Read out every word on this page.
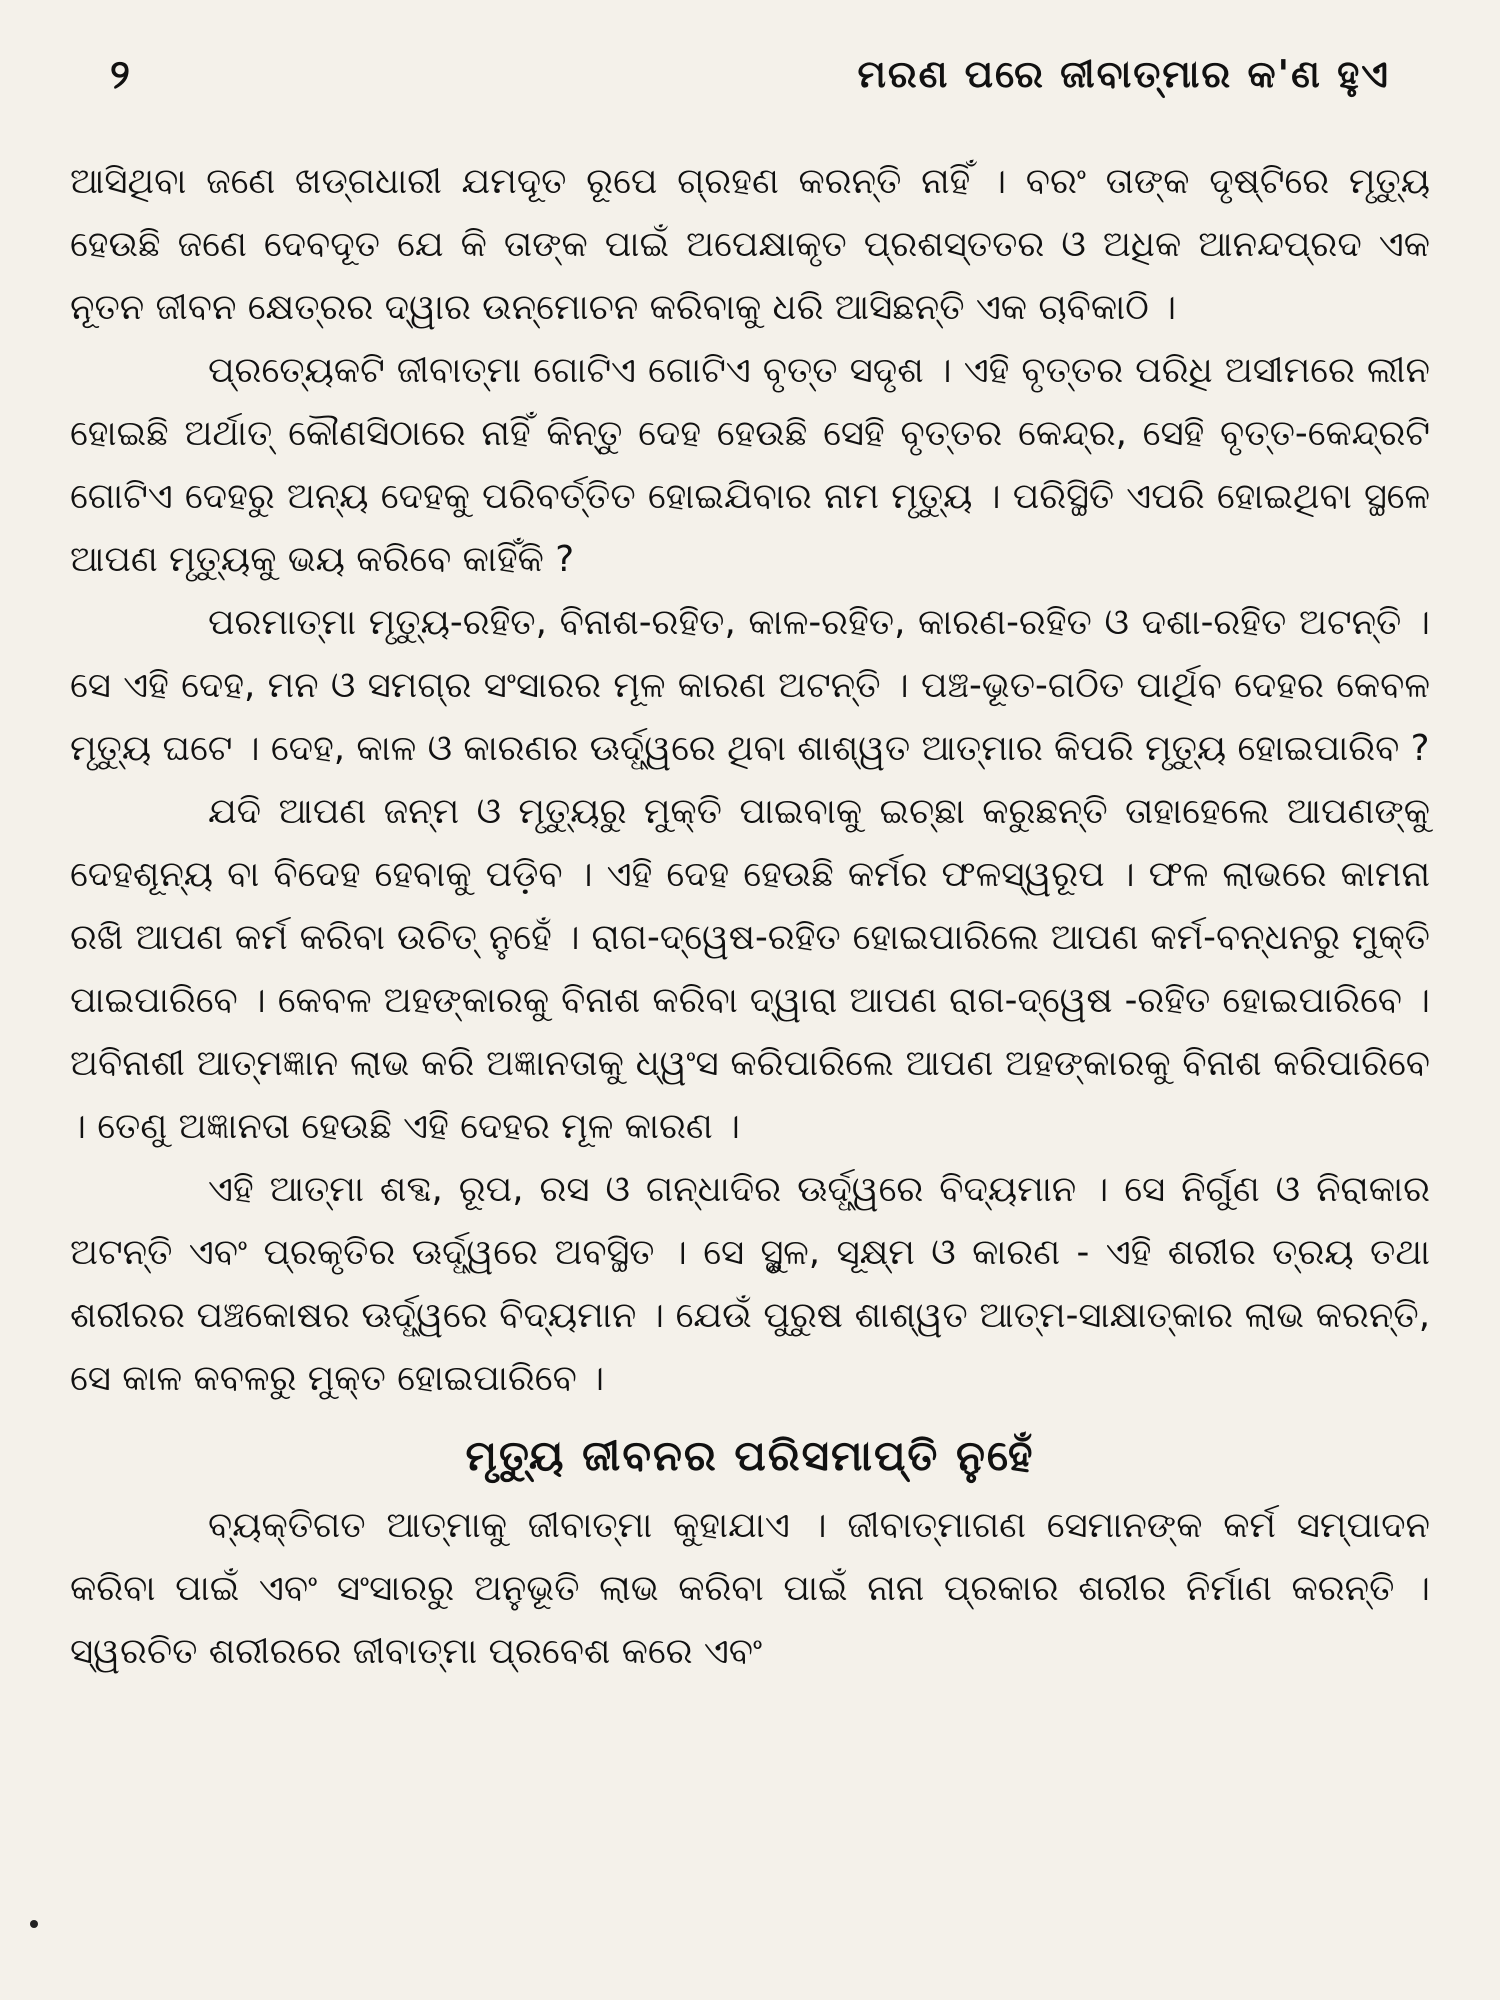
୨	ମରଣ ପରେ ଜୀବାତ୍ମାର କ'ଣ ହୁଏ

ଆସିଥିବା ଜଣେ ଖଡ୍‌ଗଧାରୀ ଯମଦୂତ ରୂପେ ଗ୍ରହଣ କରନ୍ତି ନାହିଁ । ବରଂ ତାଙ୍କ ଦୃଷ୍ଟିରେ ମୃତ୍ୟୁ ହେଉଛି ଜଣେ ଦେବଦୂତ ଯେ କି ତାଙ୍କ ପାଇଁ ଅପେକ୍ଷାକୃତ ପ୍ରଶସ୍ତତର ଓ ଅଧିକ ଆନନ୍ଦପ୍ରଦ ଏକ ନୂତନ ଜୀବନ କ୍ଷେତ୍ରର ଦ୍ୱାର ଉନ୍ମୋଚନ କରିବାକୁ ଧରି ଆସିଛନ୍ତି ଏକ ଚାବିକାଠି ।

ପ୍ରତ୍ୟେକଟି ଜୀବାତ୍ମା ଗୋଟିଏ ଗୋଟିଏ ବୃତ୍ତ ସଦୃଶ । ଏହି ବୃତ୍ତର ପରିଧି ଅସୀମରେ ଲୀନ ହୋଇଛି ଅର୍ଥାତ୍ କୌଣସିଠାରେ ନାହିଁ କିନ୍ତୁ ଦେହ ହେଉଛି ସେହି ବୃତ୍ତର କେନ୍ଦ୍ର, ସେହି ବୃତ୍ତ-କେନ୍ଦ୍ରଟି ଗୋଟିଏ ଦେହରୁ ଅନ୍ୟ ଦେହକୁ ପରିବର୍ତ୍ତିତ ହୋଇଯିବାର ନାମ ମୃତ୍ୟୁ । ପରିସ୍ଥିତି ଏପରି ହୋଇଥିବା ସ୍ଥଳେ ଆପଣ ମୃତ୍ୟୁକୁ ଭୟ କରିବେ କାହିଁକି ?

ପରମାତ୍ମା ମୃତ୍ୟୁ-ରହିତ, ବିନାଶ-ରହିତ, କାଳ-ରହିତ, କାରଣ-ରହିତ ଓ ଦଶା-ରହିତ ଅଟନ୍ତି । ସେ ଏହି ଦେହ, ମନ ଓ ସମଗ୍ର ସଂସାରର ମୂଳ କାରଣ ଅଟନ୍ତି । ପଞ୍ଚ-ଭୂତ-ଗଠିତ ପାର୍ଥିବ ଦେହର କେବଳ ମୃତ୍ୟୁ ଘଟେ । ଦେହ, କାଳ ଓ କାରଣର ଊର୍ଦ୍ଧ୍ୱରେ ଥିବା ଶାଶ୍ୱତ ଆତ୍ମାର କିପରି ମୃତ୍ୟୁ ହୋଇପାରିବ ?

ଯଦି ଆପଣ ଜନ୍ମ ଓ ମୃତ୍ୟୁରୁ ମୁକ୍ତି ପାଇବାକୁ ଇଚ୍ଛା କରୁଛନ୍ତି ତାହାହେଲେ ଆପଣଙ୍କୁ ଦେହଶୂନ୍ୟ ବା ବିଦେହ ହେବାକୁ ପଡ଼ିବ । ଏହି ଦେହ ହେଉଛି କର୍ମର ଫଳସ୍ୱରୂପ । ଫଳ ଲାଭରେ କାମନା ରଖି ଆପଣ କର୍ମ କରିବା ଉଚିତ୍ ନୁହେଁ । ରାଗ-ଦ୍ୱେଷ-ରହିତ ହୋଇପାରିଲେ ଆପଣ କର୍ମ-ବନ୍ଧନରୁ ମୁକ୍ତି ପାଇପାରିବେ । କେବଳ ଅହଙ୍କାରକୁ ବିନାଶ କରିବା ଦ୍ୱାରା ଆପଣ ରାଗ-ଦ୍ୱେଷ -ରହିତ ହୋଇପାରିବେ । ଅବିନାଶୀ ଆତ୍ମଜ୍ଞାନ ଲାଭ କରି ଅଜ୍ଞାନତାକୁ ଧ୍ୱଂସ କରିପାରିଲେ ଆପଣ ଅହଙ୍କାରକୁ ବିନାଶ କରିପାରିବେ । ତେଣୁ ଅଜ୍ଞାନତା ହେଉଛି ଏହି ଦେହର ମୂଳ କାରଣ ।

ଏହି ଆତ୍ମା ଶବ୍ଦ, ରୂପ, ରସ ଓ ଗନ୍ଧାଦିର ଊର୍ଦ୍ଧ୍ୱରେ ବିଦ୍ୟମାନ । ସେ ନିର୍ଗୁଣ ଓ ନିରାକାର ଅଟନ୍ତି ଏବଂ ପ୍ରକୃତିର ଊର୍ଦ୍ଧ୍ୱରେ ଅବସ୍ଥିତ । ସେ ସ୍ଥୁଳ, ସୂକ୍ଷ୍ମ ଓ କାରଣ - ଏହି ଶରୀର ତ୍ରୟ ତଥା ଶରୀରର ପଞ୍ଚକୋଷର ଊର୍ଦ୍ଧ୍ୱରେ ବିଦ୍ୟମାନ । ଯେଉଁ ପୁରୁଷ ଶାଶ୍ୱତ ଆତ୍ମ-ସାକ୍ଷାତ୍କାର ଲାଭ କରନ୍ତି, ସେ କାଳ କବଳରୁ ମୁକ୍ତ ହୋଇପାରିବେ ।

ମୃତ୍ୟୁ ଜୀବନର ପରିସମାପ୍ତି ନୁହେଁ

ବ୍ୟକ୍ତିଗତ ଆତ୍ମାକୁ ଜୀବାତ୍ମା କୁହାଯାଏ । ଜୀବାତ୍ମାଗଣ ସେମାନଙ୍କ କର୍ମ ସମ୍ପାଦନ କରିବା ପାଇଁ ଏବଂ ସଂସାରରୁ ଅନୁଭୂତି ଲାଭ କରିବା ପାଇଁ ନାନା ପ୍ରକାର ଶରୀର ନିର୍ମାଣ କରନ୍ତି । ସ୍ୱରଚିତ ଶରୀରରେ ଜୀବାତ୍ମା ପ୍ରବେଶ କରେ ଏବଂ
